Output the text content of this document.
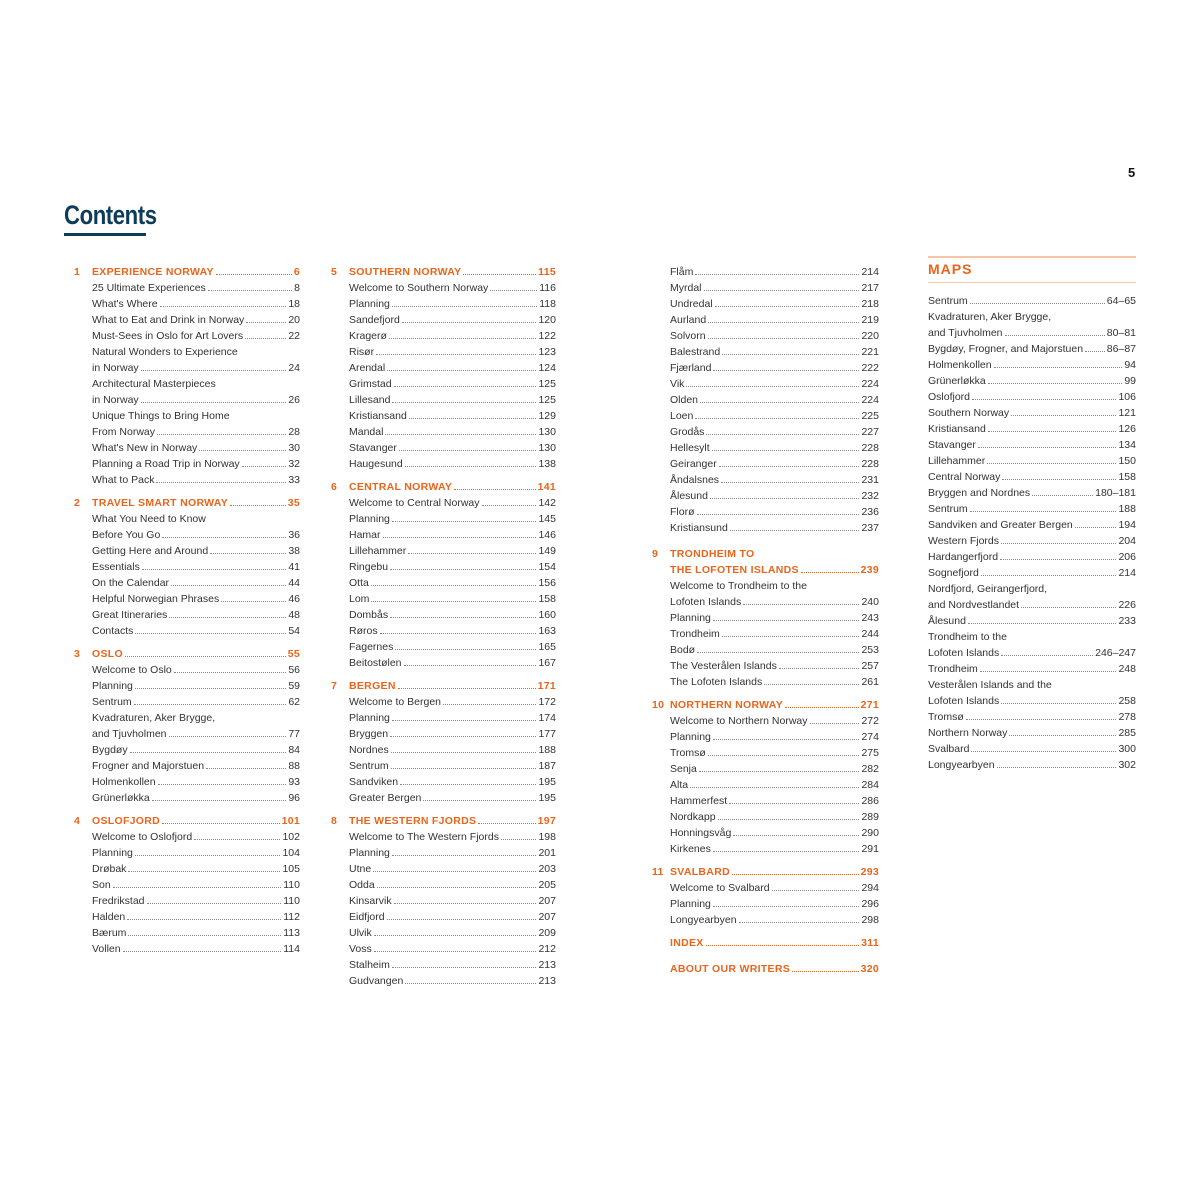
5
Contents
1	EXPERIENCE NORWAY	6
25 Ultimate Experiences	8
What's Where	18
What to Eat and Drink in Norway	20
Must-Sees in Oslo for Art Lovers	22
Natural Wonders to Experience
in Norway	24
Architectural Masterpieces
in Norway	26
Unique Things to Bring Home
From Norway	28
What's New in Norway	30
Planning a Road Trip in Norway	32
What to Pack	33
2	TRAVEL SMART NORWAY	35
What You Need to Know
Before You Go	36
Getting Here and Around	38
Essentials	41
On the Calendar	44
Helpful Norwegian Phrases	46
Great Itineraries	48
Contacts	54
3	OSLO	55
Welcome to Oslo	56
Planning	59
Sentrum	62
Kvadraturen, Aker Brygge,
and Tjuvholmen	77
Bygdøy	84
Frogner and Majorstuen	88
Holmenkollen	93
Grünerløkka	96
4	OSLOFJORD	101
Welcome to Oslofjord	102
Planning	104
Drøbak	105
Son	110
Fredrikstad	110
Halden	112
Bærum	113
Vollen	114
5	SOUTHERN NORWAY	115
Welcome to Southern Norway	116
Planning	118
Sandefjord	120
Kragerø	122
Risør	123
Arendal	124
Grimstad	125
Lillesand	125
Kristiansand	129
Mandal	130
Stavanger	130
Haugesund	138
6	CENTRAL NORWAY	141
Welcome to Central Norway	142
Planning	145
Hamar	146
Lillehammer	149
Ringebu	154
Otta	156
Lom	158
Dombås	160
Røros	163
Fagernes	165
Beitostølen	167
7	BERGEN	171
Welcome to Bergen	172
Planning	174
Bryggen	177
Nordnes	188
Sentrum	187
Sandviken	195
Greater Bergen	195
8	THE WESTERN FJORDS	197
Welcome to The Western Fjords	198
Planning	201
Utne	203
Odda	205
Kinsarvik	207
Eidfjord	207
Ulvik	209
Voss	212
Stalheim	213
Gudvangen	213
Flåm	214
Myrdal	217
Undredal	218
Aurland	219
Solvorn	220
Balestrand	221
Fjærland	222
Vik	224
Olden	224
Loen	225
Grodås	227
Hellesylt	228
Geiranger	228
Åndalsnes	231
Ålesund	232
Florø	236
Kristiansund	237
9	TRONDHEIM TO
THE LOFOTEN ISLANDS	239
Welcome to Trondheim to the
Lofoten Islands	240
Planning	243
Trondheim	244
Bodø	253
The Vesterålen Islands	257
The Lofoten Islands	261
10 NORTHERN NORWAY	271
Welcome to Northern Norway	272
Planning	274
Tromsø	275
Senja	282
Alta	284
Hammerfest	286
Nordkapp	289
Honningsvåg	290
Kirkenes	291
11 SVALBARD	293
Welcome to Svalbard	294
Planning	296
Longyearbyen	298
INDEX	311
ABOUT OUR WRITERS	320
MAPS
Sentrum	64–65
Kvadraturen, Aker Brygge,
and Tjuvholmen	80–81
Bygdøy, Frogner, and Majorstuen 86–87
Holmenkollen	94
Grünerløkka	99
Oslofjord	106
Southern Norway	121
Kristiansand	126
Stavanger	134
Lillehammer	150
Central Norway	158
Bryggen and Nordnes	180–181
Sentrum	188
Sandviken and Greater Bergen	194
Western Fjords	204
Hardangerfjord	206
Sognefjord	214
Nordfjord, Geirangerfjord,
and Nordvestlandet	226
Ålesund	233
Trondheim to the
Lofoten Islands	246–247
Trondheim	248
Vesterålen Islands and the
Lofoten Islands	258
Tromsø	278
Northern Norway	285
Svalbard	300
Longyearbyen	302
